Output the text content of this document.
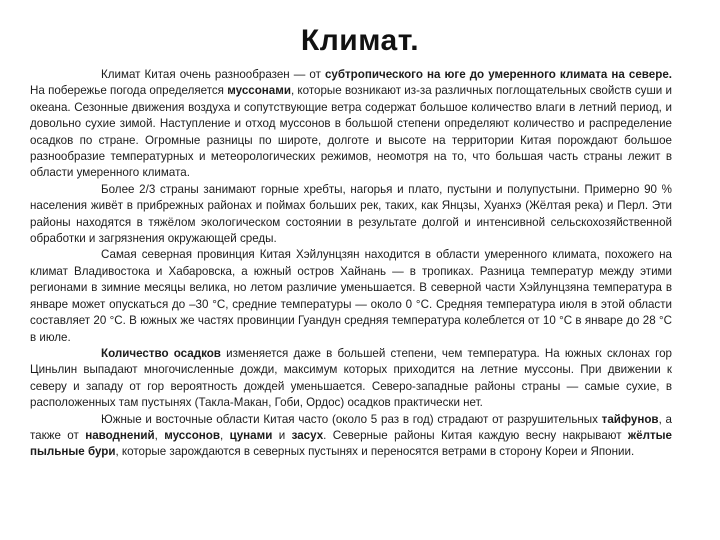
Климат.

Климат Китая очень разнообразен — от субтропического на юге до умеренного климата на севере. На побережье погода определяется муссонами, которые возникают из-за различных поглощательных свойств суши и океана. Сезонные движения воздуха и сопутствующие ветра содержат большое количество влаги в летний период, и довольно сухие зимой. Наступление и отход муссонов в большой степени определяют количество и распределение осадков по стране. Огромные разницы по широте, долготе и высоте на территории Китая порождают большое разнообразие температурных и метеорологических режимов, неомотря на то, что большая часть страны лежит в области умеренного климата.

Более 2/3 страны занимают горные хребты, нагорья и плато, пустыни и полупустыни. Примерно 90 % населения живёт в прибрежных районах и поймах больших рек, таких, как Янцзы, Хуанхэ (Жёлтая река) и Перл. Эти районы находятся в тяжёлом экологическом состоянии в результате долгой и интенсивной сельскохозяйственной обработки и загрязнения окружающей среды.

Самая северная провинция Китая Хэйлунцзян находится в области умеренного климата, похожего на климат Владивостока и Хабаровска, а южный остров Хайнань — в тропиках. Разница температур между этими регионами в зимние месяцы велика, но летом различие уменьшается. В северной части Хэйлунцзяна температура в январе может опускаться до –30 °C, средние температуры — около 0 °C. Средняя температура июля в этой области составляет 20 °C. В южных же частях провинции Гуандун средняя температура колеблется от 10 °C в январе до 28 °C в июле.

Количество осадков изменяется даже в большей степени, чем температура. На южных склонах гор Циньлин выпадают многочисленные дожди, максимум которых приходится на летние муссоны. При движении к северу и западу от гор вероятность дождей уменьшается. Северо-западные районы страны — самые сухие, в расположенных там пустынях (Такла-Макан, Гоби, Ордос) осадков практически нет.

Южные и восточные области Китая часто (около 5 раз в год) страдают от разрушительных тайфунов, а также от наводнений, муссонов, цунами и засух. Северные районы Китая каждую весну накрывают жёлтые пыльные бури, которые зарождаются в северных пустынях и переносятся ветрами в сторону Кореи и Японии.
